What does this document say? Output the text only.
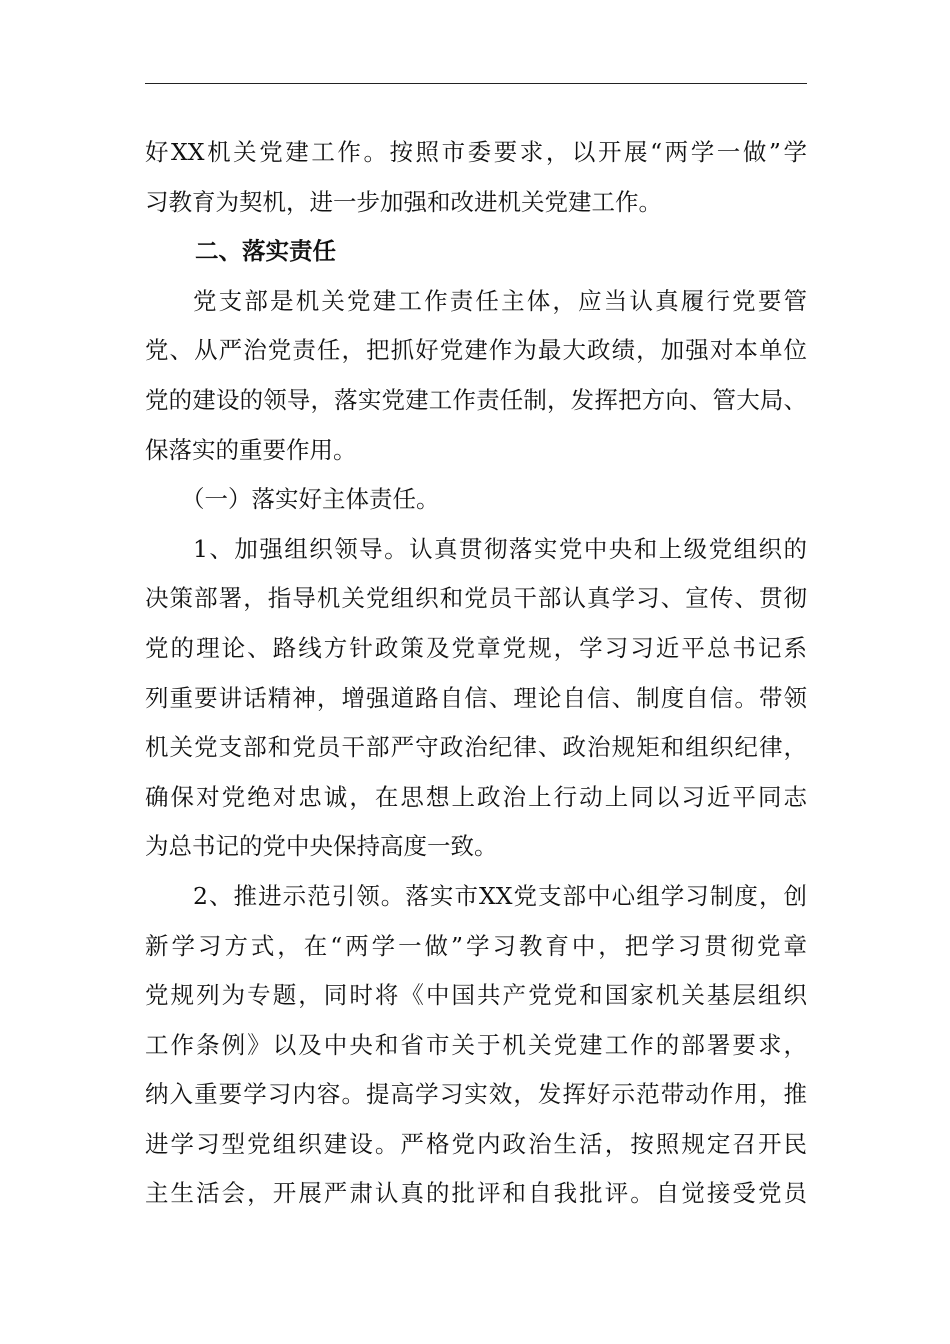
好XX机关党建工作。按照市委要求，以开展“两学一做”学
习教育为契机，进一步加强和改进机关党建工作。
二、落实责任
党支部是机关党建工作责任主体，应当认真履行党要管
党、从严治党责任，把抓好党建作为最大政绩，加强对本单位
党的建设的领导，落实党建工作责任制，发挥把方向、管大局、
保落实的重要作用。
（一）落实好主体责任。
1、加强组织领导。认真贯彻落实党中央和上级党组织的
决策部署，指导机关党组织和党员干部认真学习、宣传、贯彻
党的理论、路线方针政策及党章党规，学习习近平总书记系
列重要讲话精神，增强道路自信、理论自信、制度自信。带领
机关党支部和党员干部严守政治纪律、政治规矩和组织纪律，
确保对党绝对忠诚，在思想上政治上行动上同以习近平同志
为总书记的党中央保持高度一致。
2、推进示范引领。落实市XX党支部中心组学习制度，创
新学习方式，在“两学一做”学习教育中，把学习贯彻党章
党规列为专题，同时将《中国共产党党和国家机关基层组织
工作条例》以及中央和省市关于机关党建工作的部署要求，
纳入重要学习内容。提高学习实效，发挥好示范带动作用，推
进学习型党组织建设。严格党内政治生活，按照规定召开民
主生活会，开展严肃认真的批评和自我批评。自觉接受党员
